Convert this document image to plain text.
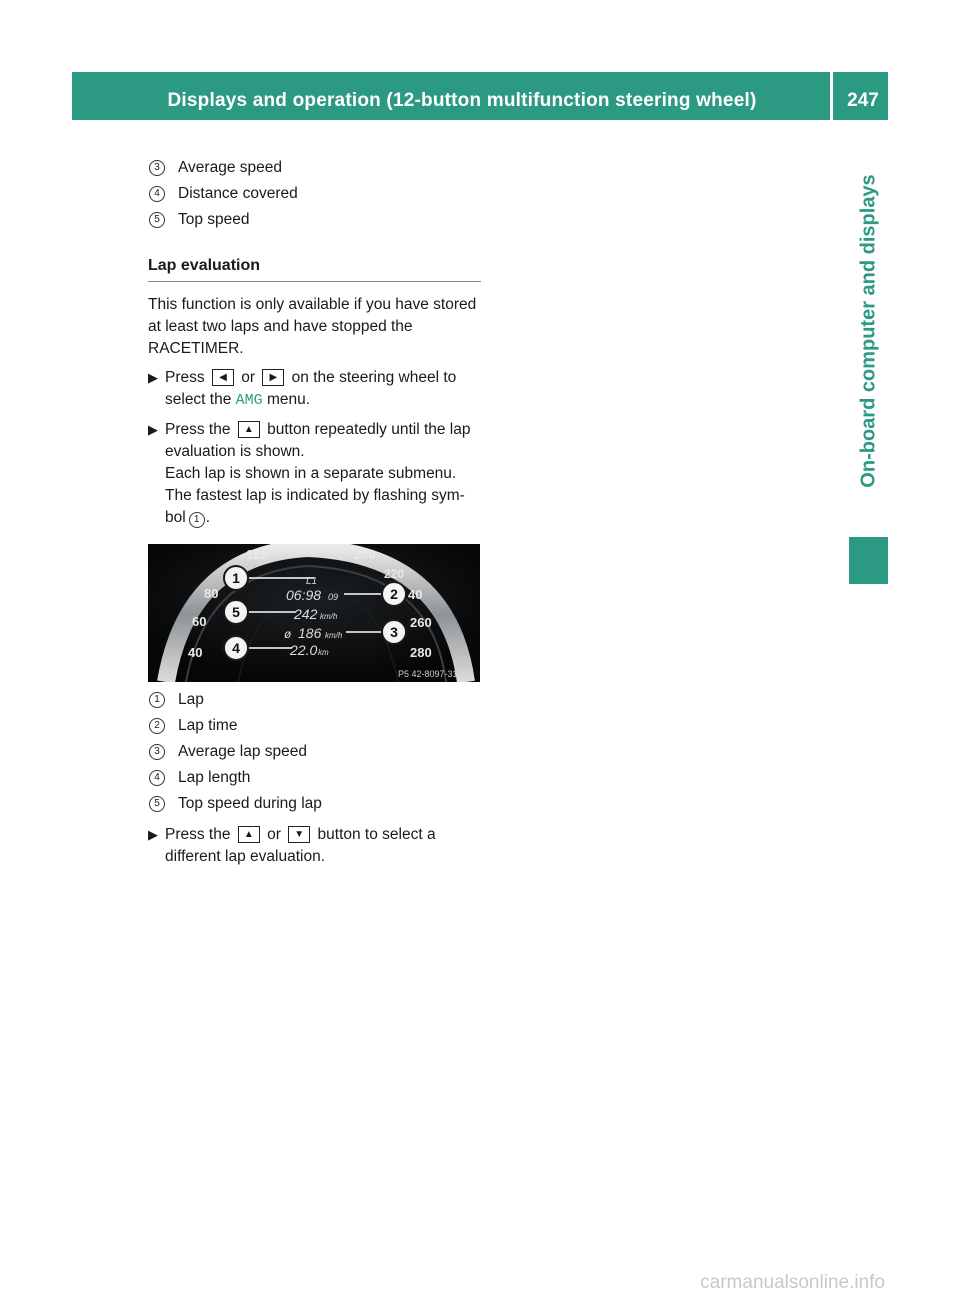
Displays and operation (12-button multifunction steering wheel)	247
On-board computer and displays
3	Average speed
4	Distance covered
5	Top speed
Lap evaluation
This function is only available if you have stored at least two laps and have stopped the RACETIMER.
▶ Press ◀ or ▶ on the steering wheel to select the AMG menu.
▶ Press the ▲ button repeatedly until the lap evaluation is shown.
Each lap is shown in a separate submenu.
The fastest lap is indicated by flashing sym-
bol 1 .
120
80
60
40
200
220
40
260
280
L1
06:98 09
242 km/h
ø 186 km/h
22.0 km
1
2
3
4
5
P5 42-8097-31
1	Lap
2	Lap time
3	Average lap speed
4	Lap length
5	Top speed during lap
▶ Press the ▲ or ▼ button to select a different lap evaluation.
carmanualsonline.info
